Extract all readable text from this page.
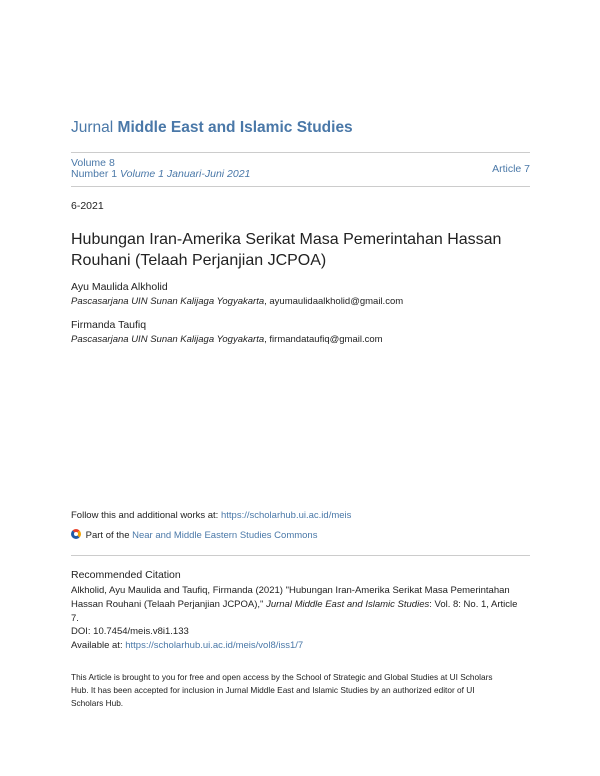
Jurnal Middle East and Islamic Studies
Volume 8
Number 1 Volume 1 Januari-Juni 2021	Article 7
6-2021
Hubungan Iran-Amerika Serikat Masa Pemerintahan Hassan
Rouhani (Telaah Perjanjian JCPOA)
Ayu Maulida Alkholid
Pascasarjana UIN Sunan Kalijaga Yogyakarta, ayumaulidaalkholid@gmail.com
Firmanda Taufiq
Pascasarjana UIN Sunan Kalijaga Yogyakarta, firmandataufiq@gmail.com
Follow this and additional works at: https://scholarhub.ui.ac.id/meis
Part of the Near and Middle Eastern Studies Commons
Recommended Citation
Alkholid, Ayu Maulida and Taufiq, Firmanda (2021) "Hubungan Iran-Amerika Serikat Masa Pemerintahan
Hassan Rouhani (Telaah Perjanjian JCPOA)," Jurnal Middle East and Islamic Studies: Vol. 8: No. 1, Article
7.
DOI: 10.7454/meis.v8i1.133
Available at: https://scholarhub.ui.ac.id/meis/vol8/iss1/7
This Article is brought to you for free and open access by the School of Strategic and Global Studies at UI Scholars
Hub. It has been accepted for inclusion in Jurnal Middle East and Islamic Studies by an authorized editor of UI
Scholars Hub.
